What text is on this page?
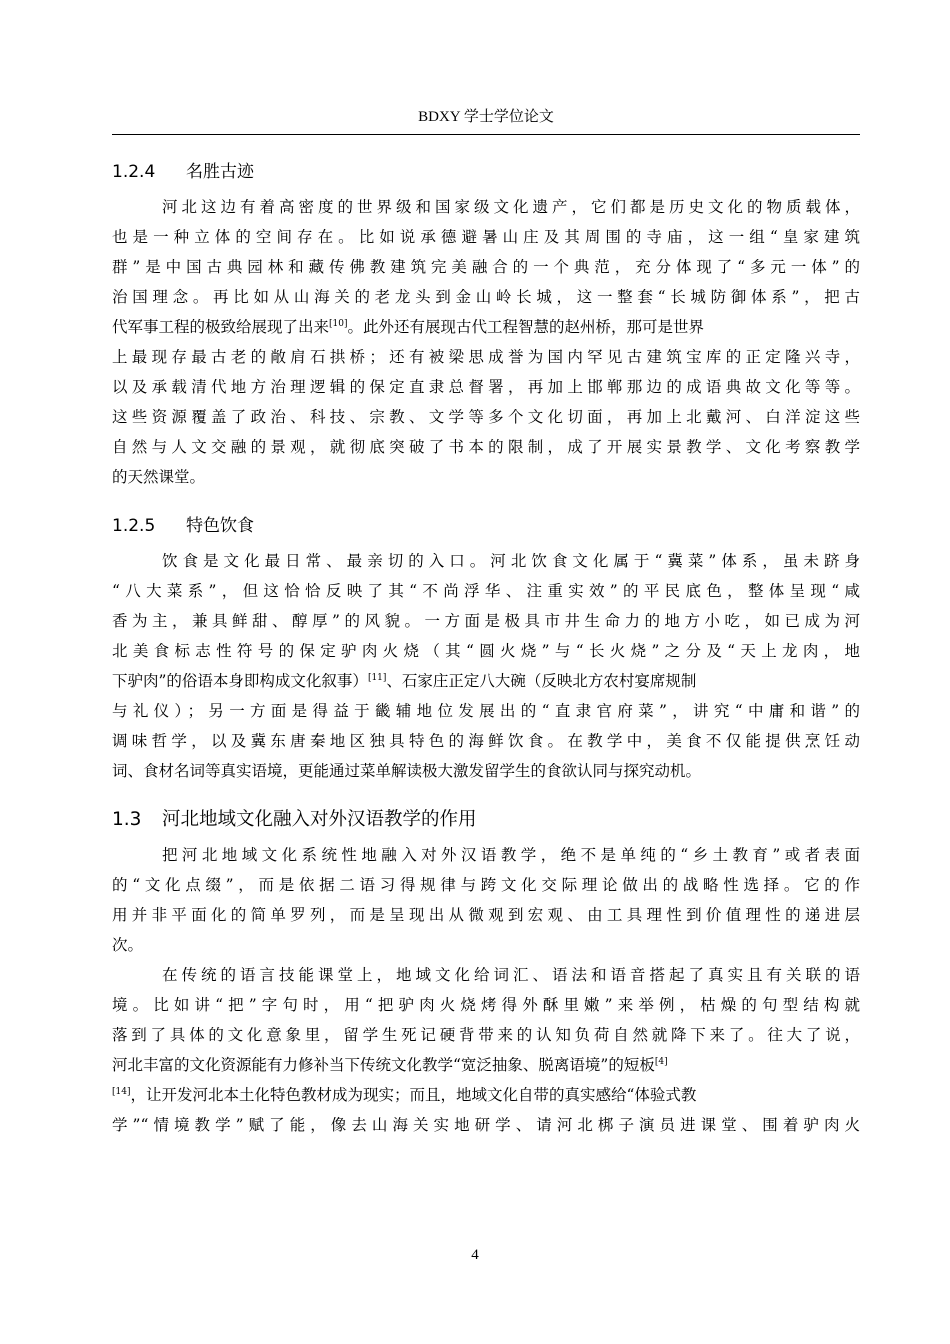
BDXY 学士学位论文
1.2.4 名胜古迹
河北这边有着高密度的世界级和国家级文化遗产，它们都是历史文化的物质载体，
也是一种立体的空间存在。比如说承德避暑山庄及其周围的寺庙，这一组“皇家建筑
群”是中国古典园林和藏传佛教建筑完美融合的一个典范，充分体现了“多元一体”的
治国理念。再比如从山海关的老龙头到金山岭长城，这一整套“长城防御体系”，把古
代军事工程的极致给展现了出来[10]。此外还有展现古代工程智慧的赵州桥，那可是世界
上最现存最古老的敞肩石拱桥；还有被梁思成誉为国内罕见古建筑宝库的正定隆兴寺，
以及承载清代地方治理逻辑的保定直隶总督署，再加上邯郸那边的成语典故文化等等。
这些资源覆盖了政治、科技、宗教、文学等多个文化切面，再加上北戴河、白洋淀这些
自然与人文交融的景观，就彻底突破了书本的限制，成了开展实景教学、文化考察教学
的天然课堂。
1.2.5 特色饮食
饮食是文化最日常、最亲切的入口。河北饮食文化属于“冀菜”体系，虽未跻身
“八大菜系”，但这恰恰反映了其“不尚浮华、注重实效”的平民底色，整体呈现“咸
香为主，兼具鲜甜、醇厚”的风貌。一方面是极具市井生命力的地方小吃，如已成为河
北美食标志性符号的保定驴肉火烧（其“圆火烧”与“长火烧”之分及“天上龙肉，地
下驴肉”的俗语本身即构成文化叙事）[11]、石家庄正定八大碗（反映北方农村宴席规制
与礼仪）；另一方面是得益于畿辅地位发展出的“直隶官府菜”，讲究“中庸和谐”的
调味哲学，以及冀东唐秦地区独具特色的海鲜饮食。在教学中，美食不仅能提供烹饪动
词、食材名词等真实语境，更能通过菜单解读极大激发留学生的食欲认同与探究动机。
1.3 河北地域文化融入对外汉语教学的作用
把河北地域文化系统性地融入对外汉语教学，绝不是单纯的“乡土教育”或者表面
的“文化点缀”，而是依据二语习得规律与跨文化交际理论做出的战略性选择。它的作
用并非平面化的简单罗列，而是呈现出从微观到宏观、由工具理性到价值理性的递进层
次。
在传统的语言技能课堂上，地域文化给词汇、语法和语音搭起了真实且有关联的语
境。比如讲“把”字句时，用“把驴肉火烧烤得外酥里嫩”来举例，枯燥的句型结构就
落到了具体的文化意象里，留学生死记硬背带来的认知负荷自然就降下来了。往大了说，
河北丰富的文化资源能有力修补当下传统文化教学“宽泛抽象、脱离语境”的短板[4]
[14]，让开发河北本土化特色教材成为现实；而且，地域文化自带的真实感给“体验式教
学”“情境教学”赋了能，像去山海关实地研学、请河北梆子演员进课堂、围着驴肉火
4
